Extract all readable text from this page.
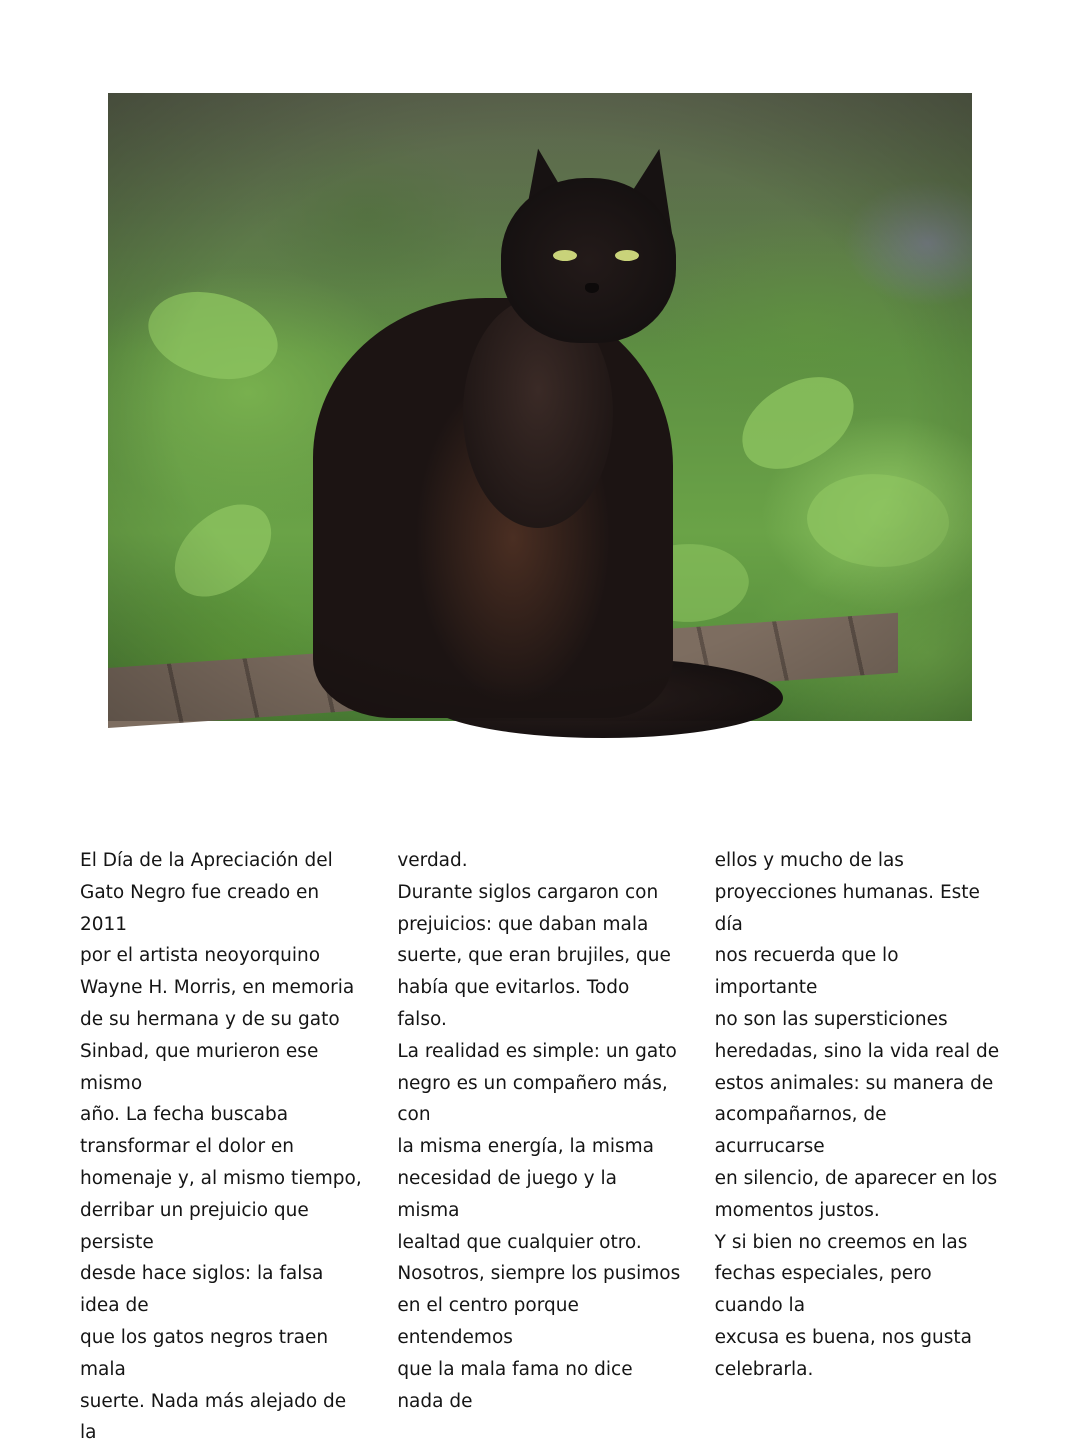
El Día de la Apreciación del
Gato Negro fue creado en 2011
por el artista neoyorquino
Wayne H. Morris, en memoria
de su hermana y de su gato
Sinbad, que murieron ese mismo
año. La fecha buscaba
transformar el dolor en
homenaje y, al mismo tiempo,
derribar un prejuicio que persiste
desde hace siglos: la falsa idea de
que los gatos negros traen mala
suerte. Nada más alejado de la
verdad.
Durante siglos cargaron con
prejuicios: que daban mala
suerte, que eran brujiles, que
había que evitarlos. Todo falso.
La realidad es simple: un gato
negro es un compañero más, con
la misma energía, la misma
necesidad de juego y la misma
lealtad que cualquier otro.
Nosotros, siempre los pusimos
en el centro porque entendemos
que la mala fama no dice nada de
ellos y mucho de las
proyecciones humanas. Este día
nos recuerda que lo importante
no son las supersticiones
heredadas, sino la vida real de
estos animales: su manera de
acompañarnos, de acurrucarse
en silencio, de aparecer en los
momentos justos.
Y si bien no creemos en las
fechas especiales, pero cuando la
excusa es buena, nos gusta
celebrarla.
